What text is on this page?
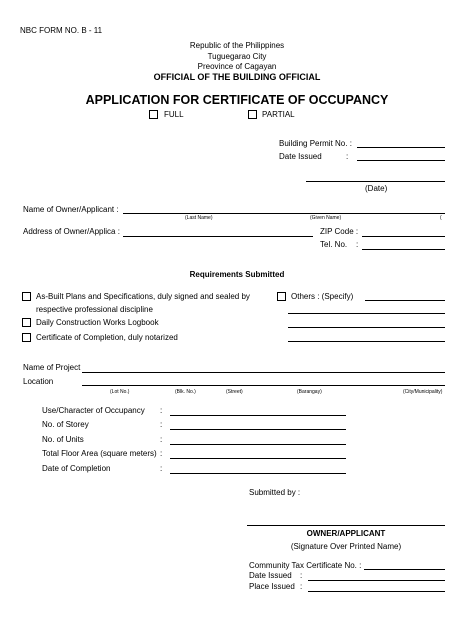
NBC FORM NO. B - 11
Republic of the Philippines
Tuguegarao City
Preovince of Cagayan
OFFICIAL OF THE BUILDING OFFICIAL
APPLICATION FOR CERTIFICATE OF OCCUPANCY
FULL	PARTIAL
Building Permit No. :
Date Issued	:
(Date)
Name of Owner/Applicant :
(Last Name)	(Given Name)	(
Address of Owner/Applica :	ZIP Code :
Tel. No. :
Requirements Submitted
As-Built Plans and Specifications, duly signed and sealed by
respective professional discipline
Daily Construction Works Logbook
Certificate of Completion, duly notarized
Others : (Specify)
Name of Project
Location
(Lot No.)	(Blk. No.)	(Street)	(Barangay)	(City/Municipality)
Use/Character of Occupancy :
No. of Storey	:
No. of Units	:
Total Floor Area (square meters) :
Date of Completion	:
Submitted by :
OWNER/APPLICANT
(Signature Over Printed Name)
Community Tax Certificate No. :
Date Issued :
Place Issued :
